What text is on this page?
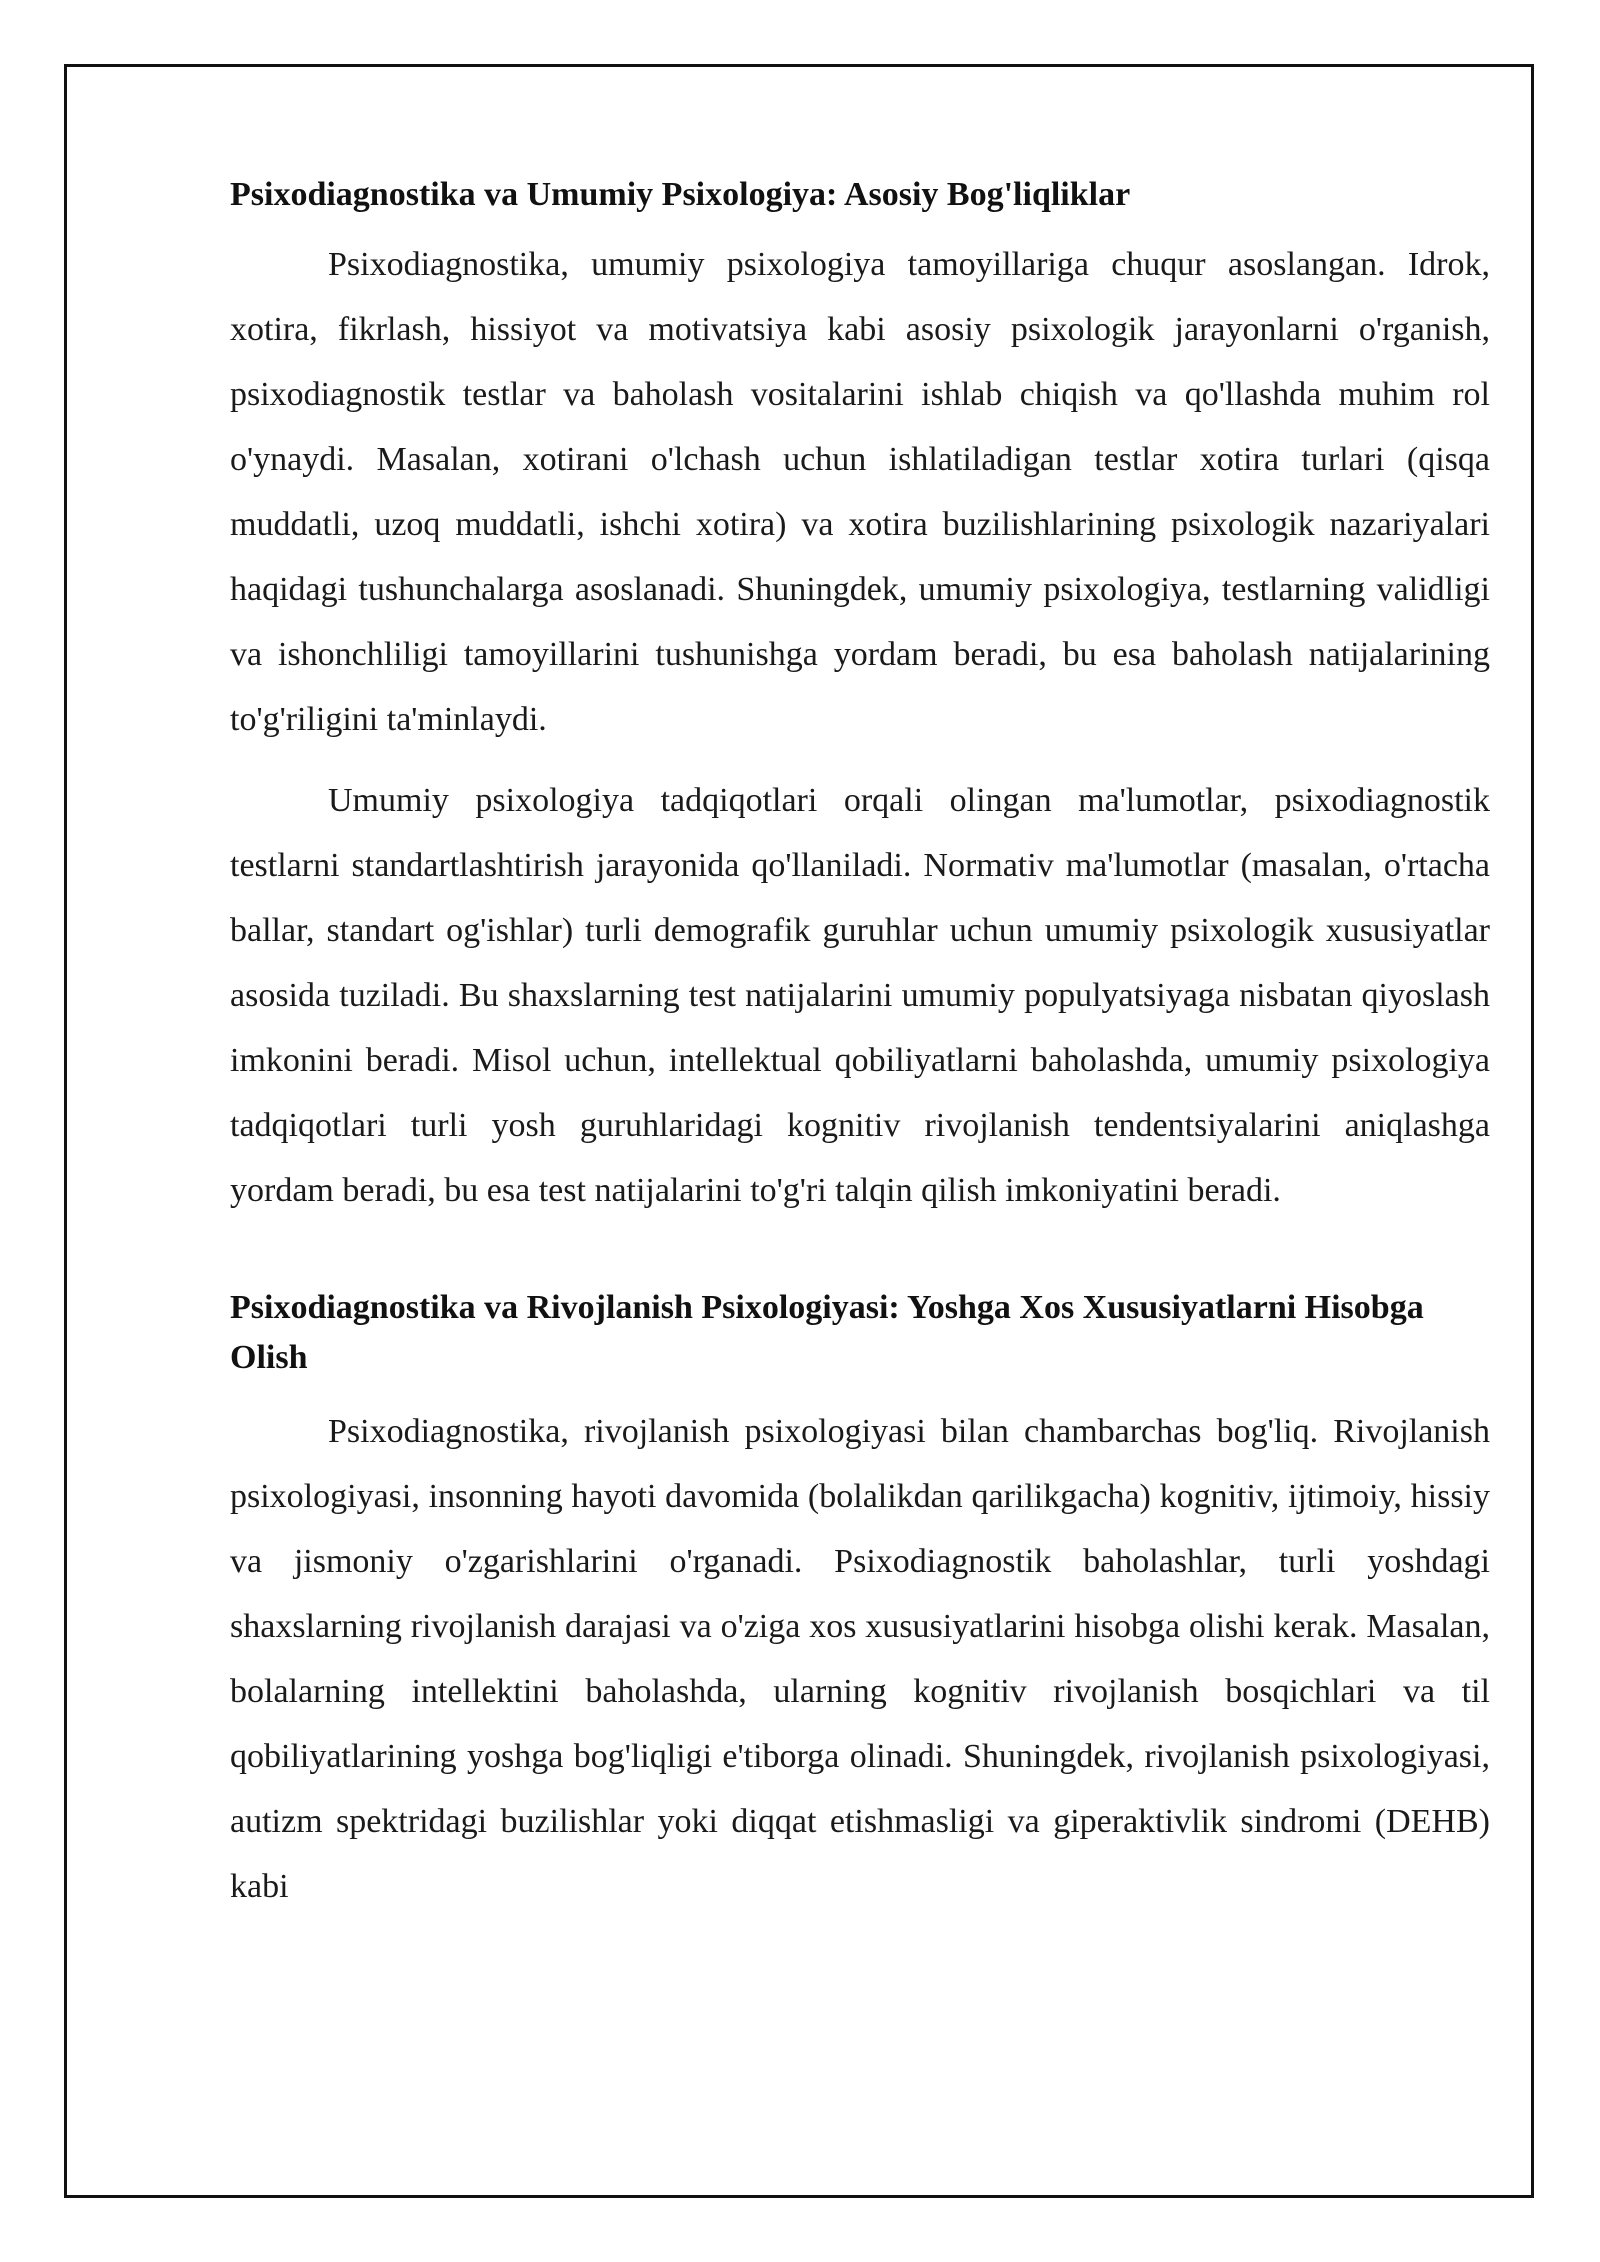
Psixodiagnostika va Umumiy Psixologiya: Asosiy Bog'liqliklar

Psixodiagnostika, umumiy psixologiya tamoyillariga chuqur asoslangan. Idrok, xotira, fikrlash, hissiyot va motivatsiya kabi asosiy psixologik jarayonlarni o'rganish, psixodiagnostik testlar va baholash vositalarini ishlab chiqish va qo'llashda muhim rol o'ynaydi. Masalan, xotirani o'lchash uchun ishlatiladigan testlar xotira turlari (qisqa muddatli, uzoq muddatli, ishchi xotira) va xotira buzilishlarining psixologik nazariyalari haqidagi tushunchalarga asoslanadi. Shuningdek, umumiy psixologiya, testlarning validligi va ishonchliligi tamoyillarini tushunishga yordam beradi, bu esa baholash natijalarining to'g'riligini ta'minlaydi.

Umumiy psixologiya tadqiqotlari orqali olingan ma'lumotlar, psixodiagnostik testlarni standartlashtirish jarayonida qo'llaniladi. Normativ ma'lumotlar (masalan, o'rtacha ballar, standart og'ishlar) turli demografik guruhlar uchun umumiy psixologik xususiyatlar asosida tuziladi. Bu shaxslarning test natijalarini umumiy populyatsiyaga nisbatan qiyoslash imkonini beradi. Misol uchun, intellektual qobiliyatlarni baholashda, umumiy psixologiya tadqiqotlari turli yosh guruhlaridagi kognitiv rivojlanish tendentsiyalarini aniqlashga yordam beradi, bu esa test natijalarini to'g'ri talqin qilish imkoniyatini beradi.

Psixodiagnostika va Rivojlanish Psixologiyasi: Yoshga Xos Xususiyatlarni Hisobga Olish

Psixodiagnostika, rivojlanish psixologiyasi bilan chambarchas bog'liq. Rivojlanish psixologiyasi, insonning hayoti davomida (bolalikdan qarilikgacha) kognitiv, ijtimoiy, hissiy va jismoniy o'zgarishlarini o'rganadi. Psixodiagnostik baholashlar, turli yoshdagi shaxslarning rivojlanish darajasi va o'ziga xos xususiyatlarini hisobga olishi kerak. Masalan, bolalarning intellektini baholashda, ularning kognitiv rivojlanish bosqichlari va til qobiliyatlarining yoshga bog'liqligi e'tiborga olinadi. Shuningdek, rivojlanish psixologiyasi, autizm spektridagi buzilishlar yoki diqqat etishmasligi va giperaktivlik sindromi (DEHB) kabi
